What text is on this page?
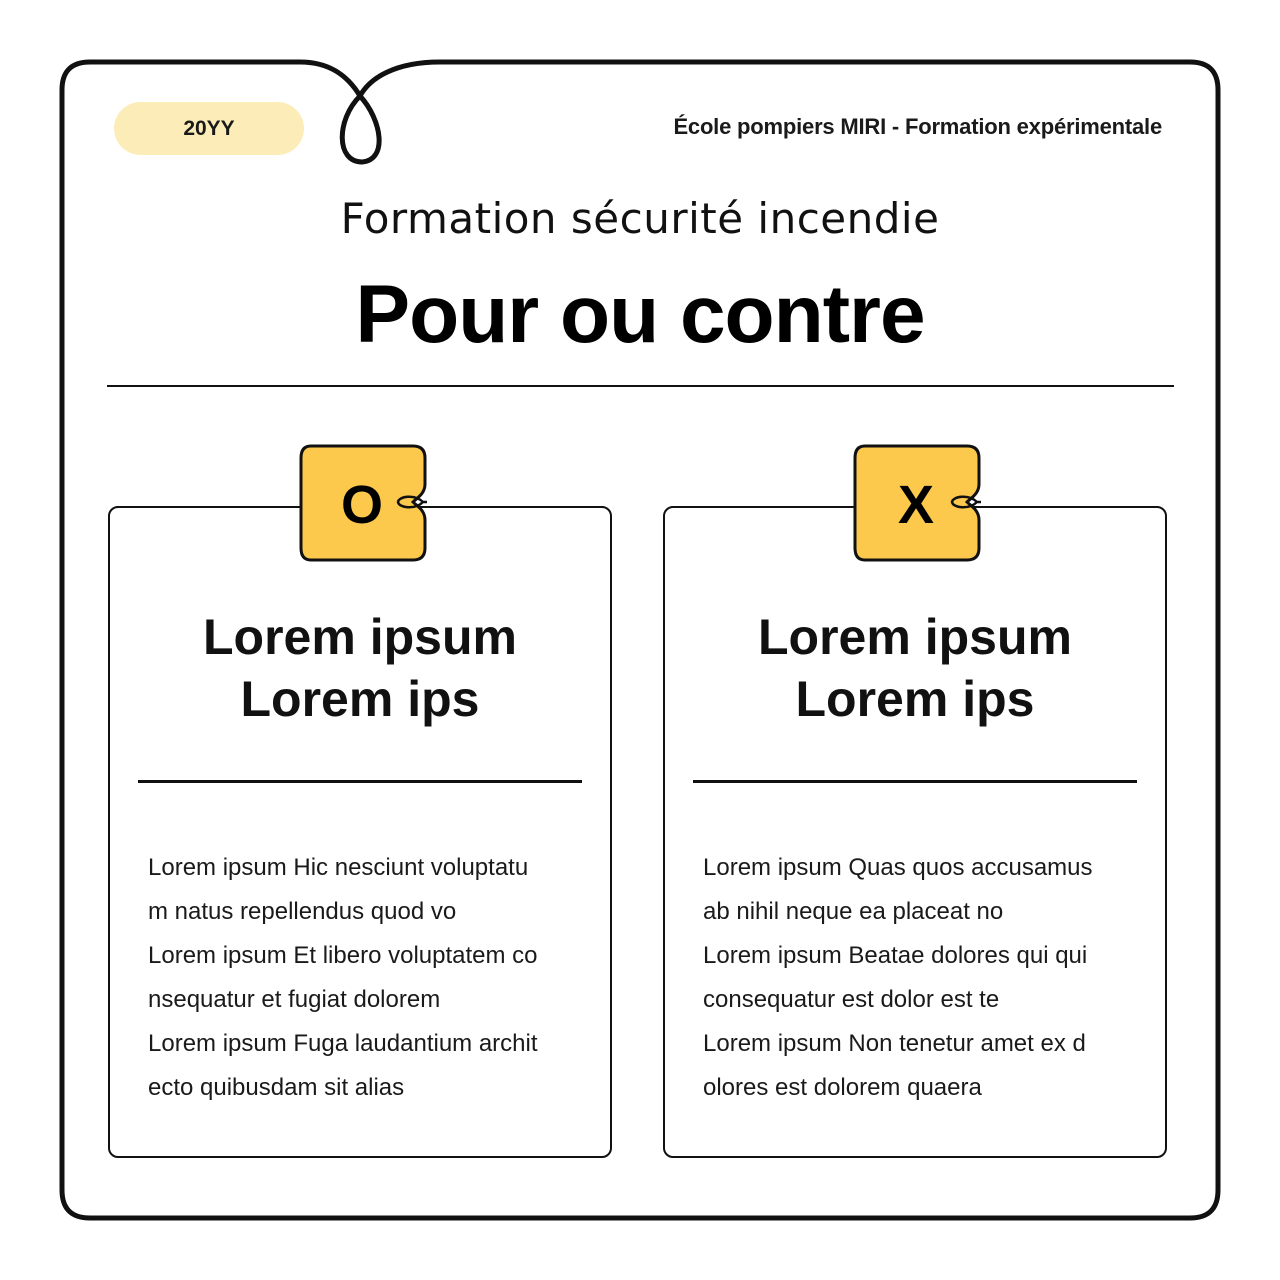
20YY	École pompiers MIRI - Formation expérimentale
Formation sécurité incendie
Pour ou contre
Lorem ipsum
Lorem ips

Lorem ipsum Hic nesciunt voluptatu

m natus repellendus quod vo

Lorem ipsum Et libero voluptatem co

nsequatur et fugiat dolorem

Lorem ipsum Fuga laudantium archit

ecto quibusdam sit alias

Lorem ipsum
Lorem ips

Lorem ipsum Quas quos accusamus

ab nihil neque ea placeat no

Lorem ipsum Beatae dolores qui qui

consequatur est dolor est te

Lorem ipsum Non tenetur amet ex d

olores est dolorem quaera

O	X
